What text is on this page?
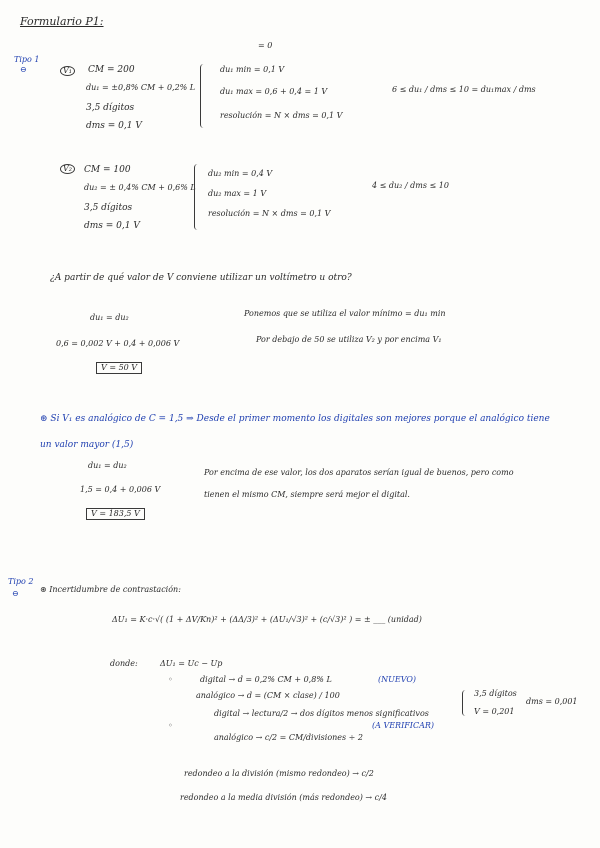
Formulario P1:
Tipo 1
⊖	V₁	CM = 200
du₁ = ±0,8% CM + 0,2% L
3,5 dígitos
dms = 0,1 V
= 0
du₁ min = 0,1 V
du₁ max = 0,6 + 0,4 = 1 V
resolución = N × dms = 0,1 V
6 ≤ du₁ / dms ≤ 10 = du₁max / dms
V₂	CM = 100
du₂ = ± 0,4% CM + 0,6% L
3,5 dígitos
dms = 0,1 V
du₂ min = 0,4 V
du₂ max = 1 V
resolución = N × dms = 0,1 V
4 ≤ du₂ / dms ≤ 10
¿A partir de qué valor de V conviene utilizar un voltímetro u otro?
du₁ = du₂	Ponemos que se utiliza el valor mínimo = du₁ min
0,6 = 0,002 V + 0,4 + 0,006 V	Por debajo de 50 se utiliza V₂ y por encima V₁
V = 50 V
⊛ Si V₁ es analógico de C = 1,5 ⇒ Desde el primer momento los digitales son mejores porque el analógico tiene un valor mayor (1,5)
du₁ = du₂
1,5 = 0,4 + 0,006 V
V = 183,5 V
Por encima de ese valor, los dos aparatos serían igual de buenos, pero como tienen el mismo CM, siempre será mejor el digital.
Tipo 2
⊖	⊛ Incertidumbre de contrastación:
ΔU₁ = K·c·√( (1 + ΔV/Kn)² + (ΔΔ/3)² + (ΔU₁/√3)² + (c/√3)² ) = ± ___ (unidad)
donde:	ΔU₁ = Uc − Up
digital → d = 0,2% CM + 0,8% L	(NUEVO)
analógico → d = (CM × clase) / 100
digital → lectura/2 → dos dígitos menos significativos
(A VERIFICAR)
analógico → c/2 = CM/divisiones ÷ 2
3,5 dígitos
V = 0,201
dms = 0,001
◦
◦
redondeo a la división (mismo redondeo) → c/2
redondeo a la media división (más redondeo) → c/4
